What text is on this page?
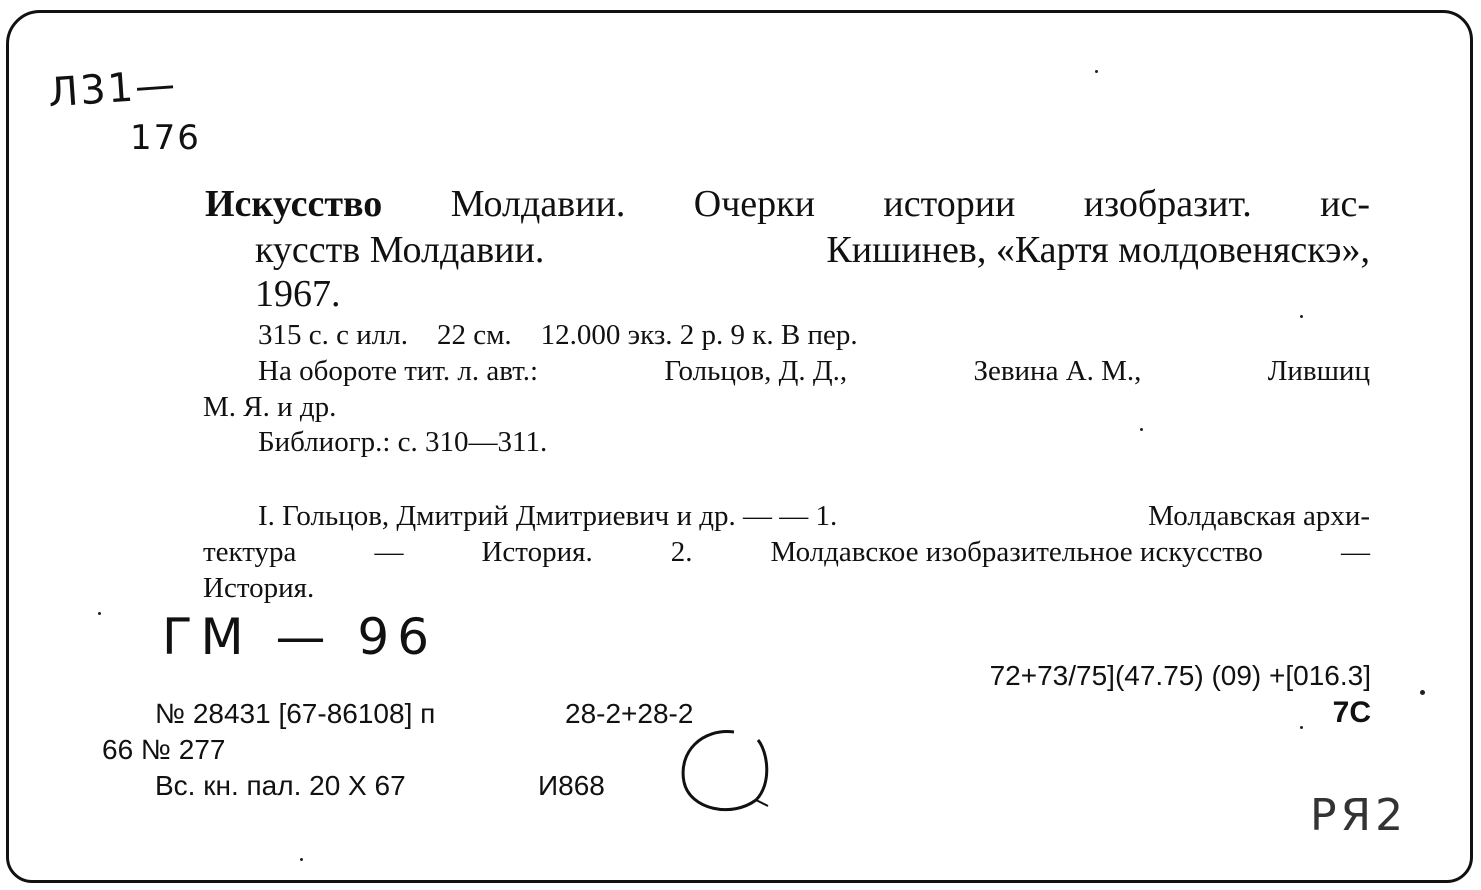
Л31—
176
Искусство Молдавии. Очерки истории изобразит. ис-
кусств Молдавии.	Кишинев, «Картя молдовеняскэ»,
1967.
315 с. с илл.    22 см.    12.000 экз. 2 р. 9 к. В пер.
На обороте тит. л. авт.:	Гольцов, Д. Д.,	Зевина А. М.,	Лившиц
М. Я. и др.
Библиогр.: с. 310—311.
I. Гольцов, Дмитрий Дмитриевич и др. — — 1.	Молдавская архи-
тектура	—	История.	2.	Молдавское изобразительное искусство	—
История.
ГМ — 96
72+73/75](47.75) (09) +[016.3]
7С
№ 28431 [67-86108] п	28-2+28-2
66 № 277
Вс. кн. пал. 20 X 67	И868
РЯ2
